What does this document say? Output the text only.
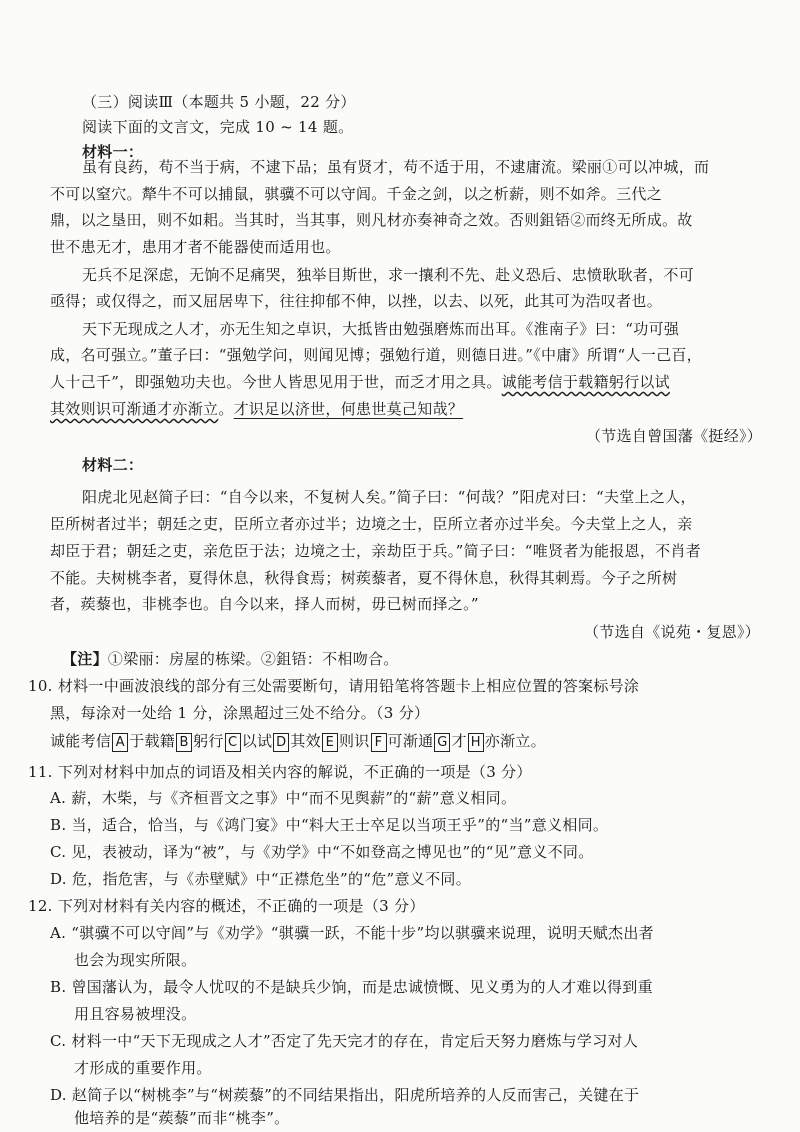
（三）阅读Ⅲ（本题共 5 小题，22 分）
阅读下面的文言文，完成 10 ~ 14 题。
材料一：
虽有良药，苟不当于病，不逮下品；虽有贤才，苟不适于用，不逮庸流。梁丽①可以冲城，而
不可以窒穴。犛牛不可以捕鼠，骐骥不可以守闾。千金之剑，以之析薪，则不如斧。三代之
鼎，以之垦田，则不如耜。当其时，当其事，则凡材亦奏神奇之效。否则鉏铻②而终无所成。故
世不患无才，患用才者不能器使而适用也。
无兵不足深虑，无饷不足痛哭，独举目斯世，求一攘利不先、赴义恐后、忠愤耿耿者，不可
亟得；或仅得之，而又屈居卑下，往往抑郁不伸，以挫，以去、以死，此其可为浩叹者也。
天下无现成之人才，亦无生知之卓识，大抵皆由勉强磨炼而出耳。《淮南子》曰：“功可强
成，名可强立。”董子曰：“强勉学问，则闻见博；强勉行道，则德日进。”《中庸》所谓“人一己百，
人十己千”，即强勉功夫也。今世人皆思见用于世，而乏才用之具。诚能考信于载籍躬行以试
其效则识可渐通才亦渐立。才识足以济世，何患世莫己知哉？
（节选自曾国藩《挺经》）
材料二：
阳虎北见赵简子曰：“自今以来，不复树人矣。”简子曰：“何哉？”阳虎对曰：“夫堂上之人，
臣所树者过半；朝廷之吏，臣所立者亦过半；边境之士，臣所立者亦过半矣。今夫堂上之人，亲
却臣于君；朝廷之吏，亲危臣于法；边境之士，亲劫臣于兵。”简子曰：“唯贤者为能报恩，不肖者
不能。夫树桃李者，夏得休息，秋得食焉；树蒺藜者，夏不得休息，秋得其刺焉。今子之所树
者，蒺藜也，非桃李也。自今以来，择人而树，毋已树而择之。”
（节选自《说苑・复恩》）
【注】①梁丽：房屋的栋梁。②鉏铻：不相吻合。
10. 材料一中画波浪线的部分有三处需要断句，请用铅笔将答题卡上相应位置的答案标号涂
黑，每涂对一处给 1 分，涂黑超过三处不给分。（3 分）
诚能考信 A 于载籍 B 躬行 C 以试 D 其效 E 则识 F 可渐通 G 才 H 亦渐立。
11. 下列对材料中加点的词语及相关内容的解说，不正确的一项是（3 分）
A. 薪，木柴，与《齐桓晋文之事》中“而不见舆薪”的“薪”意义相同。
B. 当，适合，恰当，与《鸿门宴》中“料大王士卒足以当项王乎”的“当”意义相同。
C. 见，表被动，译为“被”，与《劝学》中“不如登高之博见也”的“见”意义不同。
D. 危，指危害，与《赤壁赋》中“正襟危坐”的“危”意义不同。
12. 下列对材料有关内容的概述，不正确的一项是（3 分）
A. “骐骥不可以守闾”与《劝学》“骐骥一跃，不能十步”均以骐骥来说理，说明天赋杰出者
也会为现实所限。
B. 曾国藩认为，最令人忧叹的不是缺兵少饷，而是忠诚愤慨、见义勇为的人才难以得到重
用且容易被埋没。
C. 材料一中“天下无现成之人才”否定了先天完才的存在，肯定后天努力磨炼与学习对人
才形成的重要作用。
D. 赵简子以“树桃李”与“树蒺藜”的不同结果指出，阳虎所培养的人反而害己，关键在于
他培养的是“蒺藜”而非“桃李”。
